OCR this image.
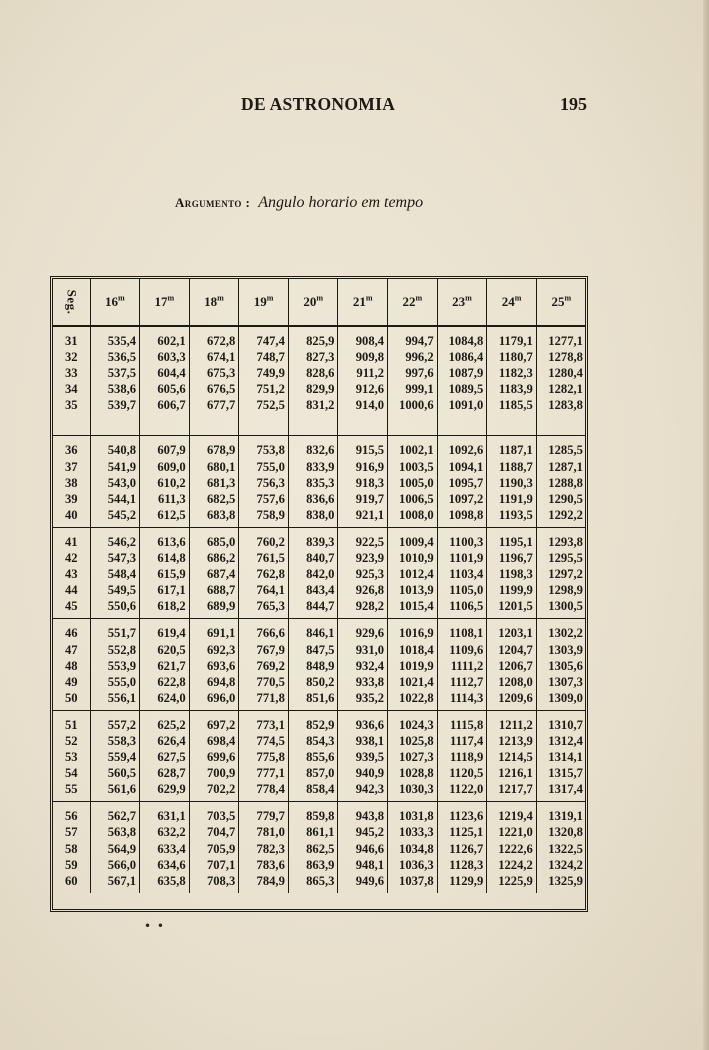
DE ASTRONOMIA	195
Argumento : Angulo horario em tempo
Seg.	16$^m$	17$^m$	18$^m$	19$^m$	20$^m$	21$^m$	22$^m$	23$^m$	24$^m$	25$^m$
31	535,4	602,1	672,8	747,4	825,9	908,4	994,7	1084,8	1179,1	1277,1
32	536,5	603,3	674,1	748,7	827,3	909,8	996,2	1086,4	1180,7	1278,8
33	537,5	604,4	675,3	749,9	828,6	911,2	997,6	1087,9	1182,3	1280,4
34	538,6	605,6	676,5	751,2	829,9	912,6	999,1	1089,5	1183,9	1282,1
35	539,7	606,7	677,7	752,5	831,2	914,0	1000,6	1091,0	1185,5	1283,8
36	540,8	607,9	678,9	753,8	832,6	915,5	1002,1	1092,6	1187,1	1285,5
37	541,9	609,0	680,1	755,0	833,9	916,9	1003,5	1094,1	1188,7	1287,1
38	543,0	610,2	681,3	756,3	835,3	918,3	1005,0	1095,7	1190,3	1288,8
39	544,1	611,3	682,5	757,6	836,6	919,7	1006,5	1097,2	1191,9	1290,5
40	545,2	612,5	683,8	758,9	838,0	921,1	1008,0	1098,8	1193,5	1292,2
41	546,2	613,6	685,0	760,2	839,3	922,5	1009,4	1100,3	1195,1	1293,8
42	547,3	614,8	686,2	761,5	840,7	923,9	1010,9	1101,9	1196,7	1295,5
43	548,4	615,9	687,4	762,8	842,0	925,3	1012,4	1103,4	1198,3	1297,2
44	549,5	617,1	688,7	764,1	843,4	926,8	1013,9	1105,0	1199,9	1298,9
45	550,6	618,2	689,9	765,3	844,7	928,2	1015,4	1106,5	1201,5	1300,5
46	551,7	619,4	691,1	766,6	846,1	929,6	1016,9	1108,1	1203,1	1302,2
47	552,8	620,5	692,3	767,9	847,5	931,0	1018,4	1109,6	1204,7	1303,9
48	553,9	621,7	693,6	769,2	848,9	932,4	1019,9	1111,2	1206,7	1305,6
49	555,0	622,8	694,8	770,5	850,2	933,8	1021,4	1112,7	1208,0	1307,3
50	556,1	624,0	696,0	771,8	851,6	935,2	1022,8	1114,3	1209,6	1309,0
51	557,2	625,2	697,2	773,1	852,9	936,6	1024,3	1115,8	1211,2	1310,7
52	558,3	626,4	698,4	774,5	854,3	938,1	1025,8	1117,4	1213,9	1312,4
53	559,4	627,5	699,6	775,8	855,6	939,5	1027,3	1118,9	1214,5	1314,1
54	560,5	628,7	700,9	777,1	857,0	940,9	1028,8	1120,5	1216,1	1315,7
55	561,6	629,9	702,2	778,4	858,4	942,3	1030,3	1122,0	1217,7	1317,4
56	562,7	631,1	703,5	779,7	859,8	943,8	1031,8	1123,6	1219,4	1319,1
57	563,8	632,2	704,7	781,0	861,1	945,2	1033,3	1125,1	1221,0	1320,8
58	564,9	633,4	705,9	782,3	862,5	946,6	1034,8	1126,7	1222,6	1322,5
59	566,0	634,6	707,1	783,6	863,9	948,1	1036,3	1128,3	1224,2	1324,2
60	567,1	635,8	708,3	784,9	865,3	949,6	1037,8	1129,9	1225,9	1325,9
• •
